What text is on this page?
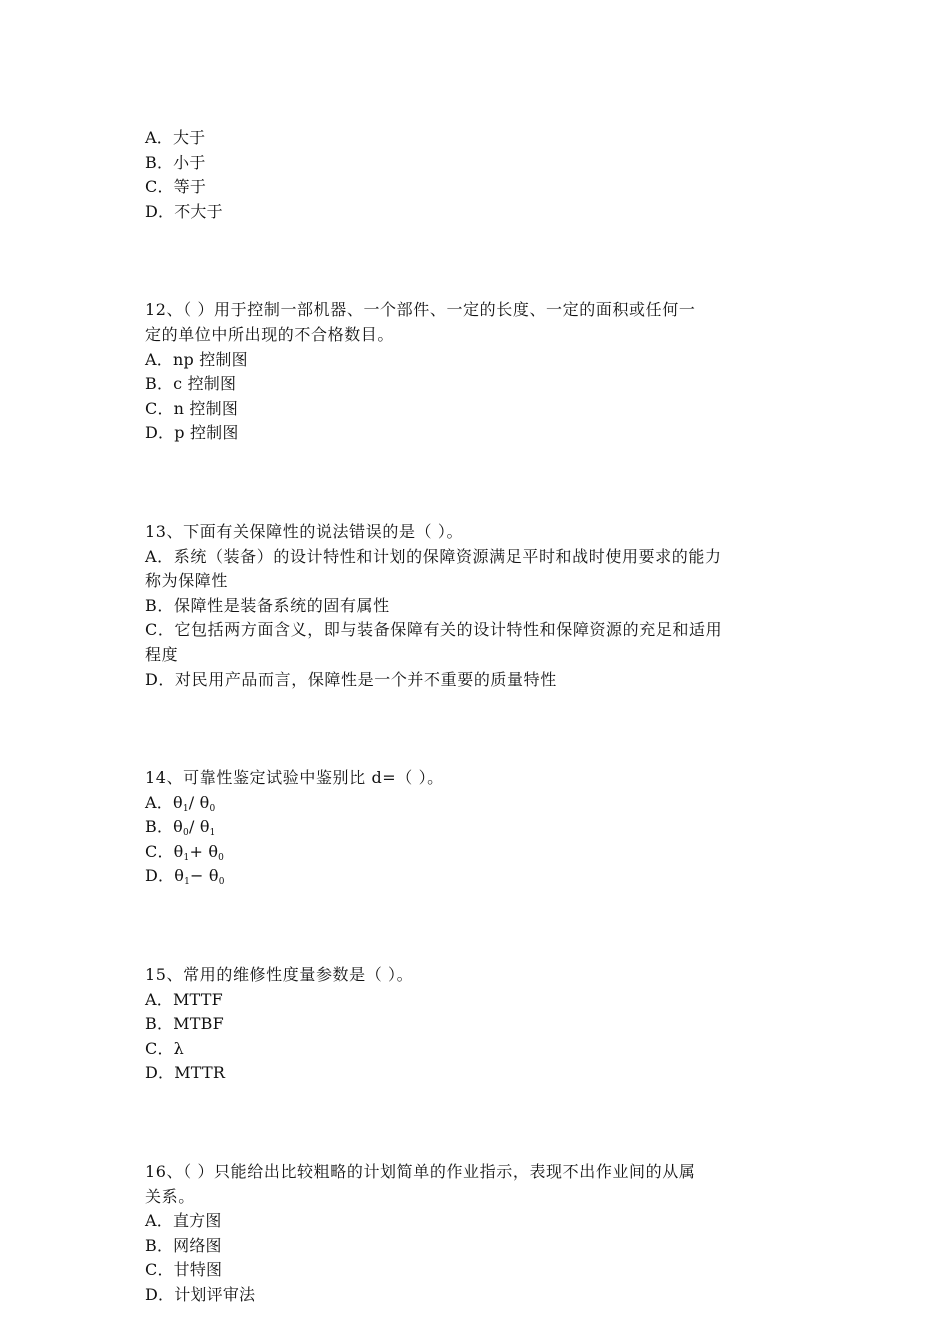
A．大于
B．小于
C．等于
D．不大于
12、（ ）用于控制一部机器、一个部件、一定的长度、一定的面积或任何一
定的单位中所出现的不合格数目。
A．np 控制图
B．c 控制图
C．n 控制图
D．p 控制图
13、下面有关保障性的说法错误的是（ ）。
A．系统（装备）的设计特性和计划的保障资源满足平时和战时使用要求的能力
称为保障性
B．保障性是装备系统的固有属性
C．它包括两方面含义，即与装备保障有关的设计特性和保障资源的充足和适用
程度
D．对民用产品而言，保障性是一个并不重要的质量特性
14、可靠性鉴定试验中鉴别比 d=（ ）。
A．$\theta_1/$ $\theta_0$
B．$\theta_0/$ $\theta_1$
C．$\theta_1+ \theta_0$
D．$\theta_1- \theta_0$
15、常用的维修性度量参数是（ ）。
A．MTTF
B．MTBF
C．λ
D．MTTR
16、（ ）只能给出比较粗略的计划简单的作业指示，表现不出作业间的从属
关系。
A．直方图
B．网络图
C．甘特图
D．计划评审法
